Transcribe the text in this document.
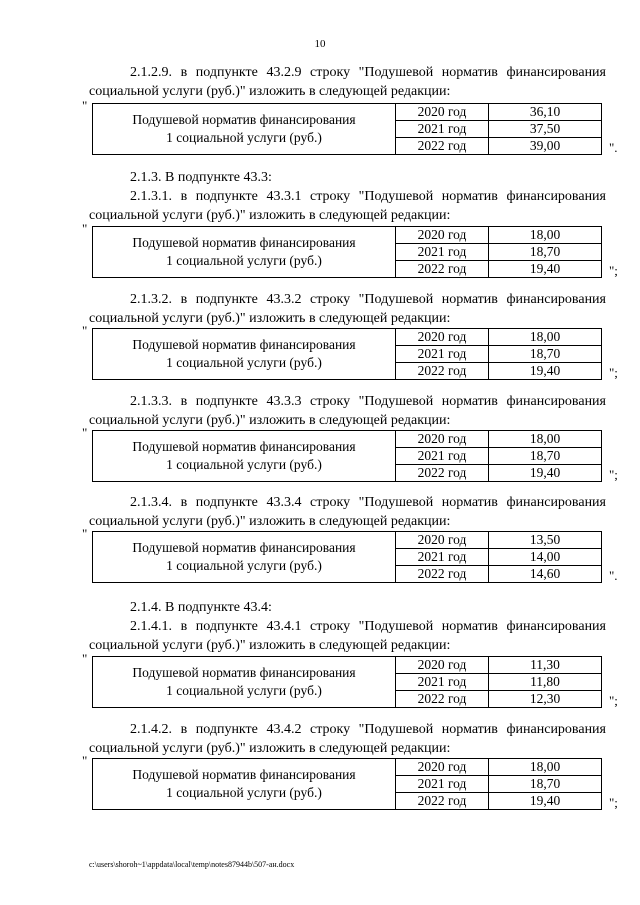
10
2.1.2.9. в подпункте 43.2.9 строку "Подушевой норматив финансирования социальной услуги (руб.)" изложить в следующей редакции:
"
Подушевой норматив финансирования
1 социальной услуги (руб.)	2020 год	36,10
	2021 год	37,50
	2022 год	39,00	".
2.1.3. В подпункте 43.3:
2.1.3.1. в подпункте 43.3.1 строку "Подушевой норматив финансирования социальной услуги (руб.)" изложить в следующей редакции:
"
Подушевой норматив финансирования
1 социальной услуги (руб.)	2020 год	18,00
	2021 год	18,70
	2022 год	19,40	";
2.1.3.2. в подпункте 43.3.2 строку "Подушевой норматив финансирования социальной услуги (руб.)" изложить в следующей редакции:
"
Подушевой норматив финансирования
1 социальной услуги (руб.)	2020 год	18,00
	2021 год	18,70
	2022 год	19,40	";
2.1.3.3. в подпункте 43.3.3 строку "Подушевой норматив финансирования социальной услуги (руб.)" изложить в следующей редакции:
"
Подушевой норматив финансирования
1 социальной услуги (руб.)	2020 год	18,00
	2021 год	18,70
	2022 год	19,40	";
2.1.3.4. в подпункте 43.3.4 строку "Подушевой норматив финансирования социальной услуги (руб.)" изложить в следующей редакции:
"
Подушевой норматив финансирования
1 социальной услуги (руб.)	2020 год	13,50
	2021 год	14,00
	2022 год	14,60	".
2.1.4. В подпункте 43.4:
2.1.4.1. в подпункте 43.4.1 строку "Подушевой норматив финансирования социальной услуги (руб.)" изложить в следующей редакции:
"
Подушевой норматив финансирования
1 социальной услуги (руб.)	2020 год	11,30
	2021 год	11,80
	2022 год	12,30	";
2.1.4.2. в подпункте 43.4.2 строку "Подушевой норматив финансирования социальной услуги (руб.)" изложить в следующей редакции:
"
Подушевой норматив финансирования
1 социальной услуги (руб.)	2020 год	18,00
	2021 год	18,70
	2022 год	19,40	";
c:\users\shoroh~1\appdata\local\temp\notes87944b\507-ан.docx
